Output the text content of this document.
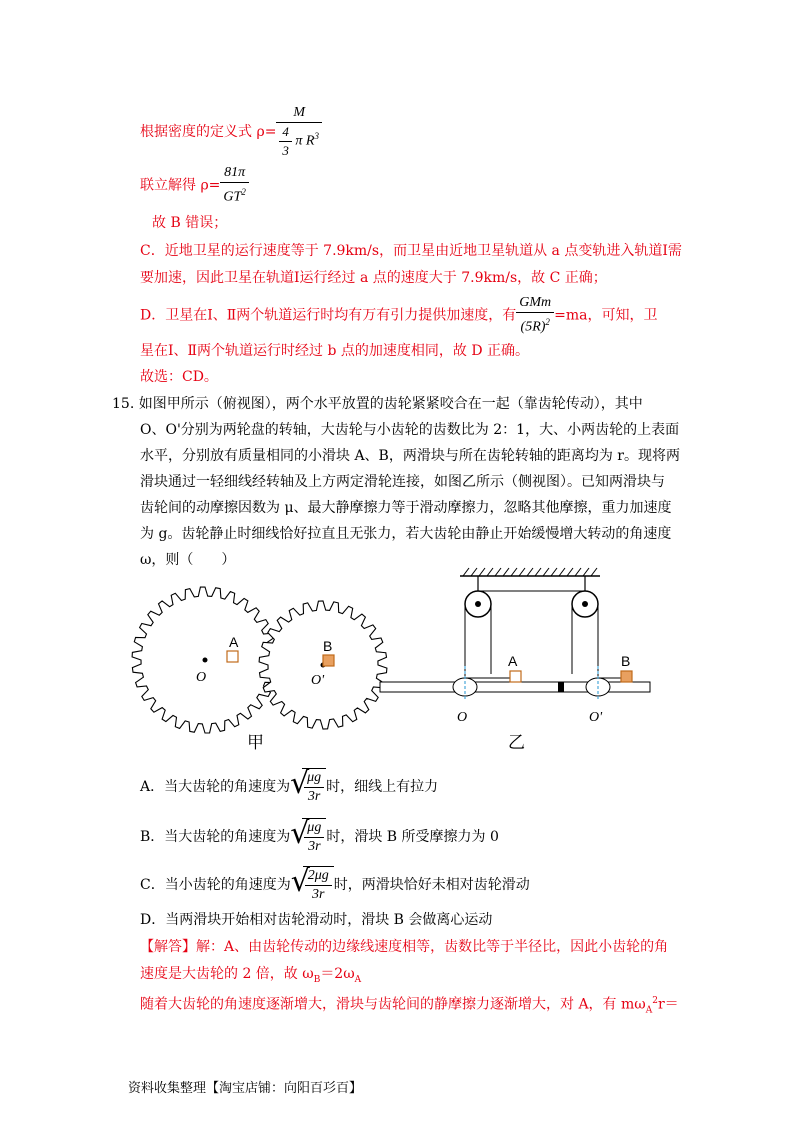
根据密度的定义式 $\rho= \frac{M}{\frac{4}{3} \pi R^3}$
联立解得 $\rho= \frac{81\pi}{GT^2}$
故 B 错误；
C．近地卫星的运行速度等于 7.9km/s，而卫星由近地卫星轨道从 a 点变轨进入轨道Ⅰ需
要加速，因此卫星在轨道Ⅰ运行经过 a 点的速度大于 7.9km/s，故 C 正确；
D．卫星在Ⅰ、Ⅱ两个轨道运行时均有万有引力提供加速度，有 $\frac{\text{GMm}}{(5R)^2} =ma$，可知，卫
星在Ⅰ、Ⅱ两个轨道运行时经过 b 点的加速度相同，故 D 正确。
故选：CD。
15. 如图甲所示（俯视图），两个水平放置的齿轮紧紧咬合在一起（靠齿轮传动），其中
O、O'分别为两轮盘的转轴，大齿轮与小齿轮的齿数比为 2：1，大、小两齿轮的上表面
水平，分别放有质量相同的小滑块 A、B，两滑块与所在齿轮转轴的距离均为 r。现将两
滑块通过一轻细线经转轴及上方两定滑轮连接，如图乙所示（侧视图）。已知两滑块与
齿轮间的动摩擦因数为 μ、最大静摩擦力等于滑动摩擦力，忽略其他摩擦，重力加速度
为 g。齿轮静止时细线恰好拉直且无张力，若大齿轮由静止开始缓慢增大转动的角速度
ω，则（　　）
A	B
O	O'
甲
A	B
O	O'
乙
A．当大齿轮的角速度为 √
$\frac{\mu g}{3r}$ 时，细线上有拉力
B．当大齿轮的角速度为 √
$\frac{\mu g}{3r}$ 时，滑块 B 所受摩擦力为 0
C．当小齿轮的角速度为 √
$\frac{2\mu g}{3r}$ 时，两滑块恰好未相对齿轮滑动
D．当两滑块开始相对齿轮滑动时，滑块 B 会做离心运动
【解答】解：A、由齿轮传动的边缘线速度相等，齿数比等于半径比，因此小齿轮的角
速度是大齿轮的 2 倍，故 $\omega_B=2\omega_A$
随着大齿轮的角速度逐渐增大，滑块与齿轮间的静摩擦力逐渐增大，对 A，有 $m\omega_A^2r=$
资料收集整理【淘宝店铺：向阳百㣉百】
